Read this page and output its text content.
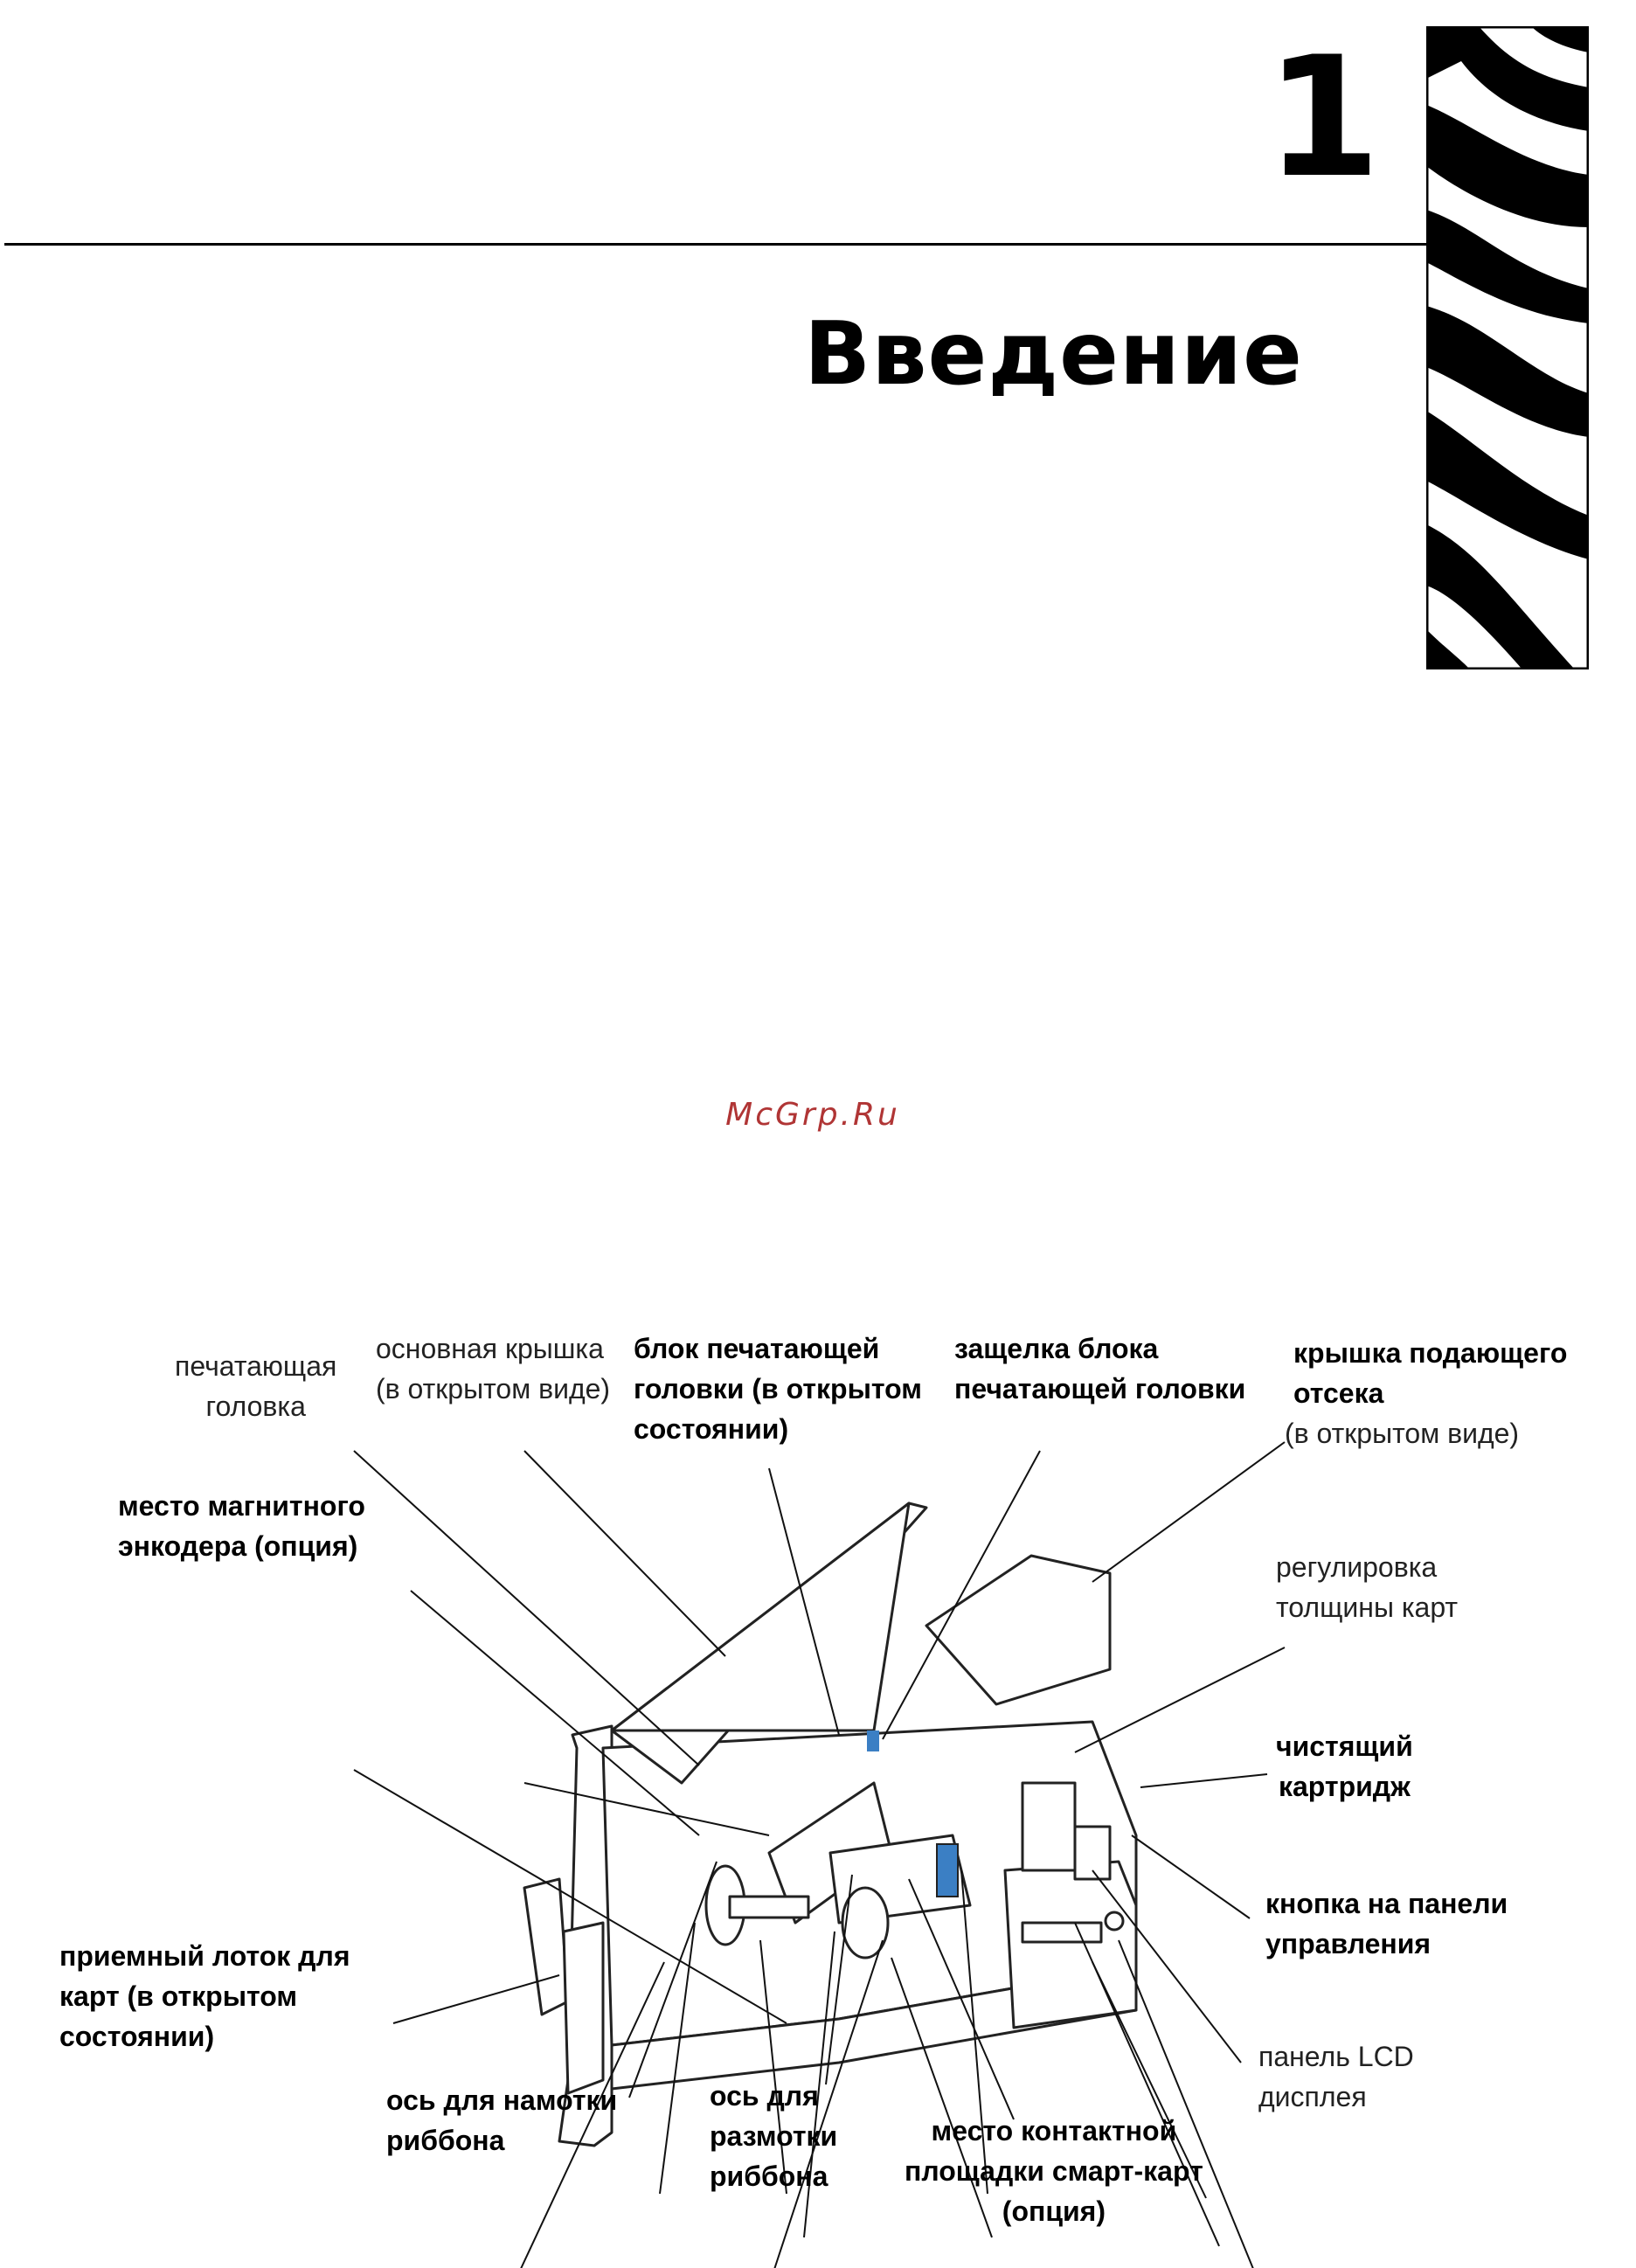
1
Введение
McGrp.Ru
печатающая
головка
основная крышка
(в открытом виде)
блок печатающей
головки (в открытом
состоянии)
защелка блока
печатающей головки
крышка подающего
отсека
(в открытом виде)
место магнитного
энкодера (опция)
регулировка
толщины карт
чистящий
картридж
кнопка на панели
управления
приемный лоток для
карт (в открытом
состоянии)
панель LCD
дисплея
ось для намотки
риббона
ось для
размотки
риббона
место контактной
площадки смарт-карт
(опция)
